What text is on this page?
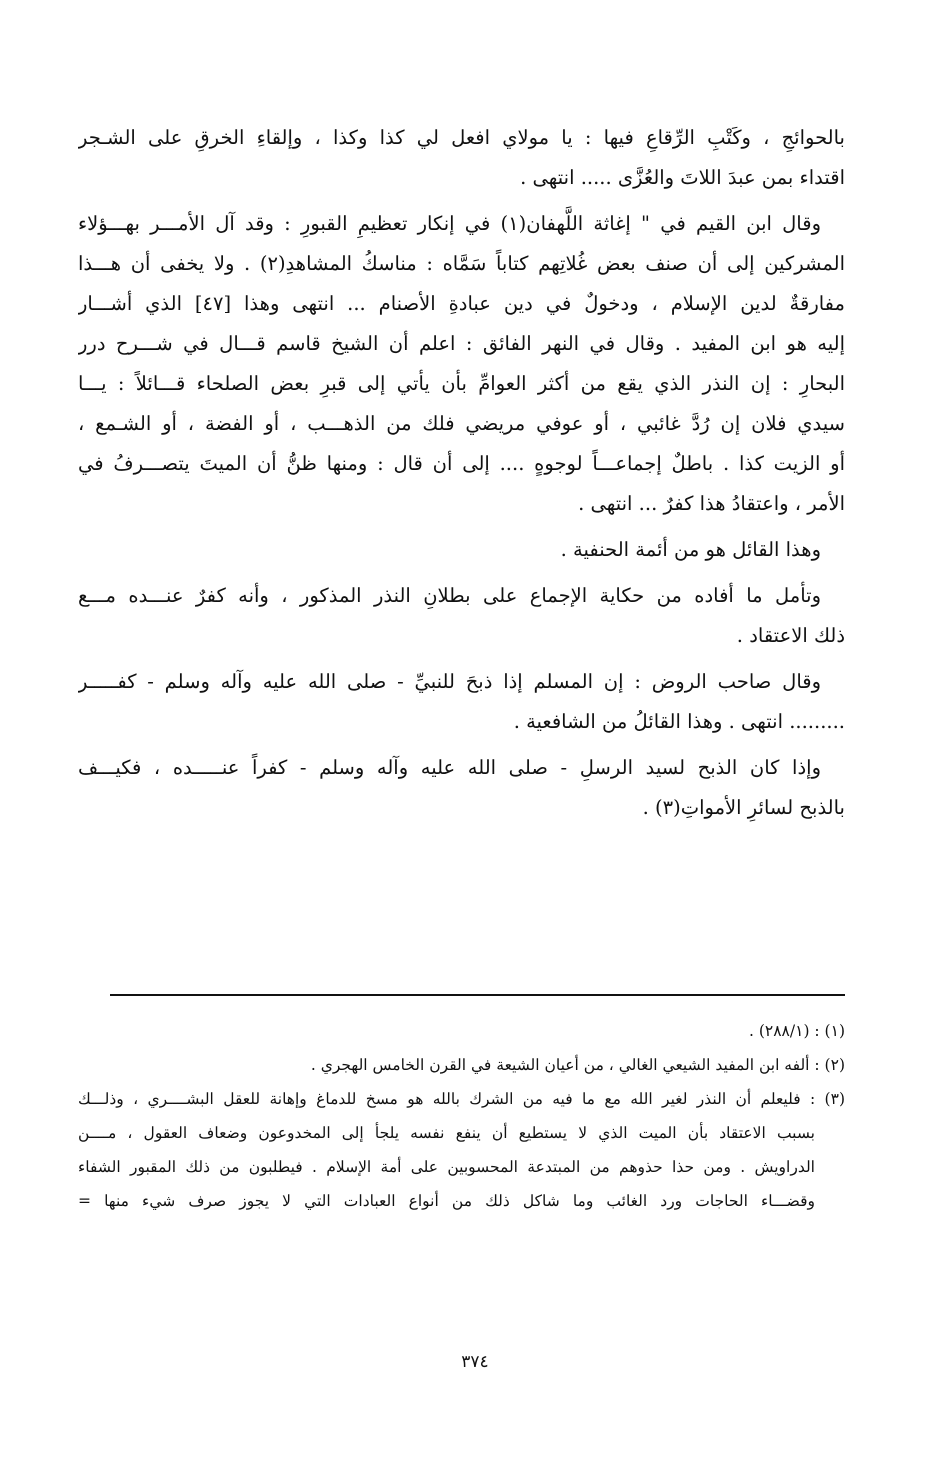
بالحوائجِ ، وكَتْبِ الرِّقاعِ فيها : يا مولاي افعل لي كذا وكذا ، وإلقاءِ الخرقِ على الشـجر
اقتداء بمن عبدَ اللاتَ والعُزَّى ..... انتهى .
وقال ابن القيم في " إغاثة اللَّهفان(١) في إنكار تعظيمِ القبورِ : وقد آل الأمـــر بهـــؤلاء
المشركين إلى أن صنف بعض غُلاتِهم كتاباً سَمَّاه : مناسكُ المشاهدِ(٢) . ولا يخفى أن هـــذا
مفارقةٌ لدين الإسلام ، ودخولٌ في دين عبادةِ الأصنام ... انتهى وهذا [٤٧] الذي أشـــار
إليه هو ابن المفيد . وقال في النهر الفائق : اعلم أن الشيخ قاسم قـــال في شـــرح درر
البحارِ : إن النذر الذي يقع من أكثر العوامِّ بأن يأتي إلى قبرِ بعض الصلحاء قـــائلاً : يـــا
سيدي فلان إن رُدَّ غائبي ، أو عوفي مريضي فلك من الذهـــب ، أو الفضة ، أو الشـمع ،
أو الزيت كذا . باطلٌ إجماعـــاً لوجوهٍ .... إلى أن قال : ومنها ظنُّ أن الميتَ يتصـــرفُ في
الأمر ، واعتقادُ هذا كفرٌ ... انتهى .
وهذا القائل هو من أئمة الحنفية .
وتأمل ما أفاده من حكاية الإجماع على بطلانِ النذر المذكور ، وأنه كفرٌ عنـــده مـــع
ذلك الاعتقاد .
وقال صاحب الروض : إن المسلم إذا ذبحَ للنبيِّ - صلى الله عليه وآله وسلم - كفـــــر
......... انتهى . وهذا القائلُ من الشافعية .
وإذا كان الذبح لسيد الرسلِ - صلى الله عليه وآله وسلم - كفراً عنـــــده ، فكيـــف
بالذبح لسائرِ الأمواتِ(٣) .
(١) : (٢٨٨/١) .
(٢) : ألفه ابن المفيد الشيعي الغالي ، من أعيان الشيعة في القرن الخامس الهجري .
(٣) : فليعلم أن النذر لغير الله مع ما فيه من الشرك بالله هو مسخ للدماغ وإهانة للعقل البشــــري ، وذلـــك
بسبب الاعتقاد بأن الميت الذي لا يستطيع أن ينفع نفسه يلجأ إلى المخدوعون وضعاف العقول ، مــــن
الدراويش . ومن حذا حذوهم من المبتدعة المحسوبين على أمة الإسلام . فيطلبون من ذلك المقبور الشفاء
وقضـــاء الحاجات ورد الغائب وما شاكل ذلك من أنواع العبادات التي لا يجوز صرف شيء منها =
٣٧٤
